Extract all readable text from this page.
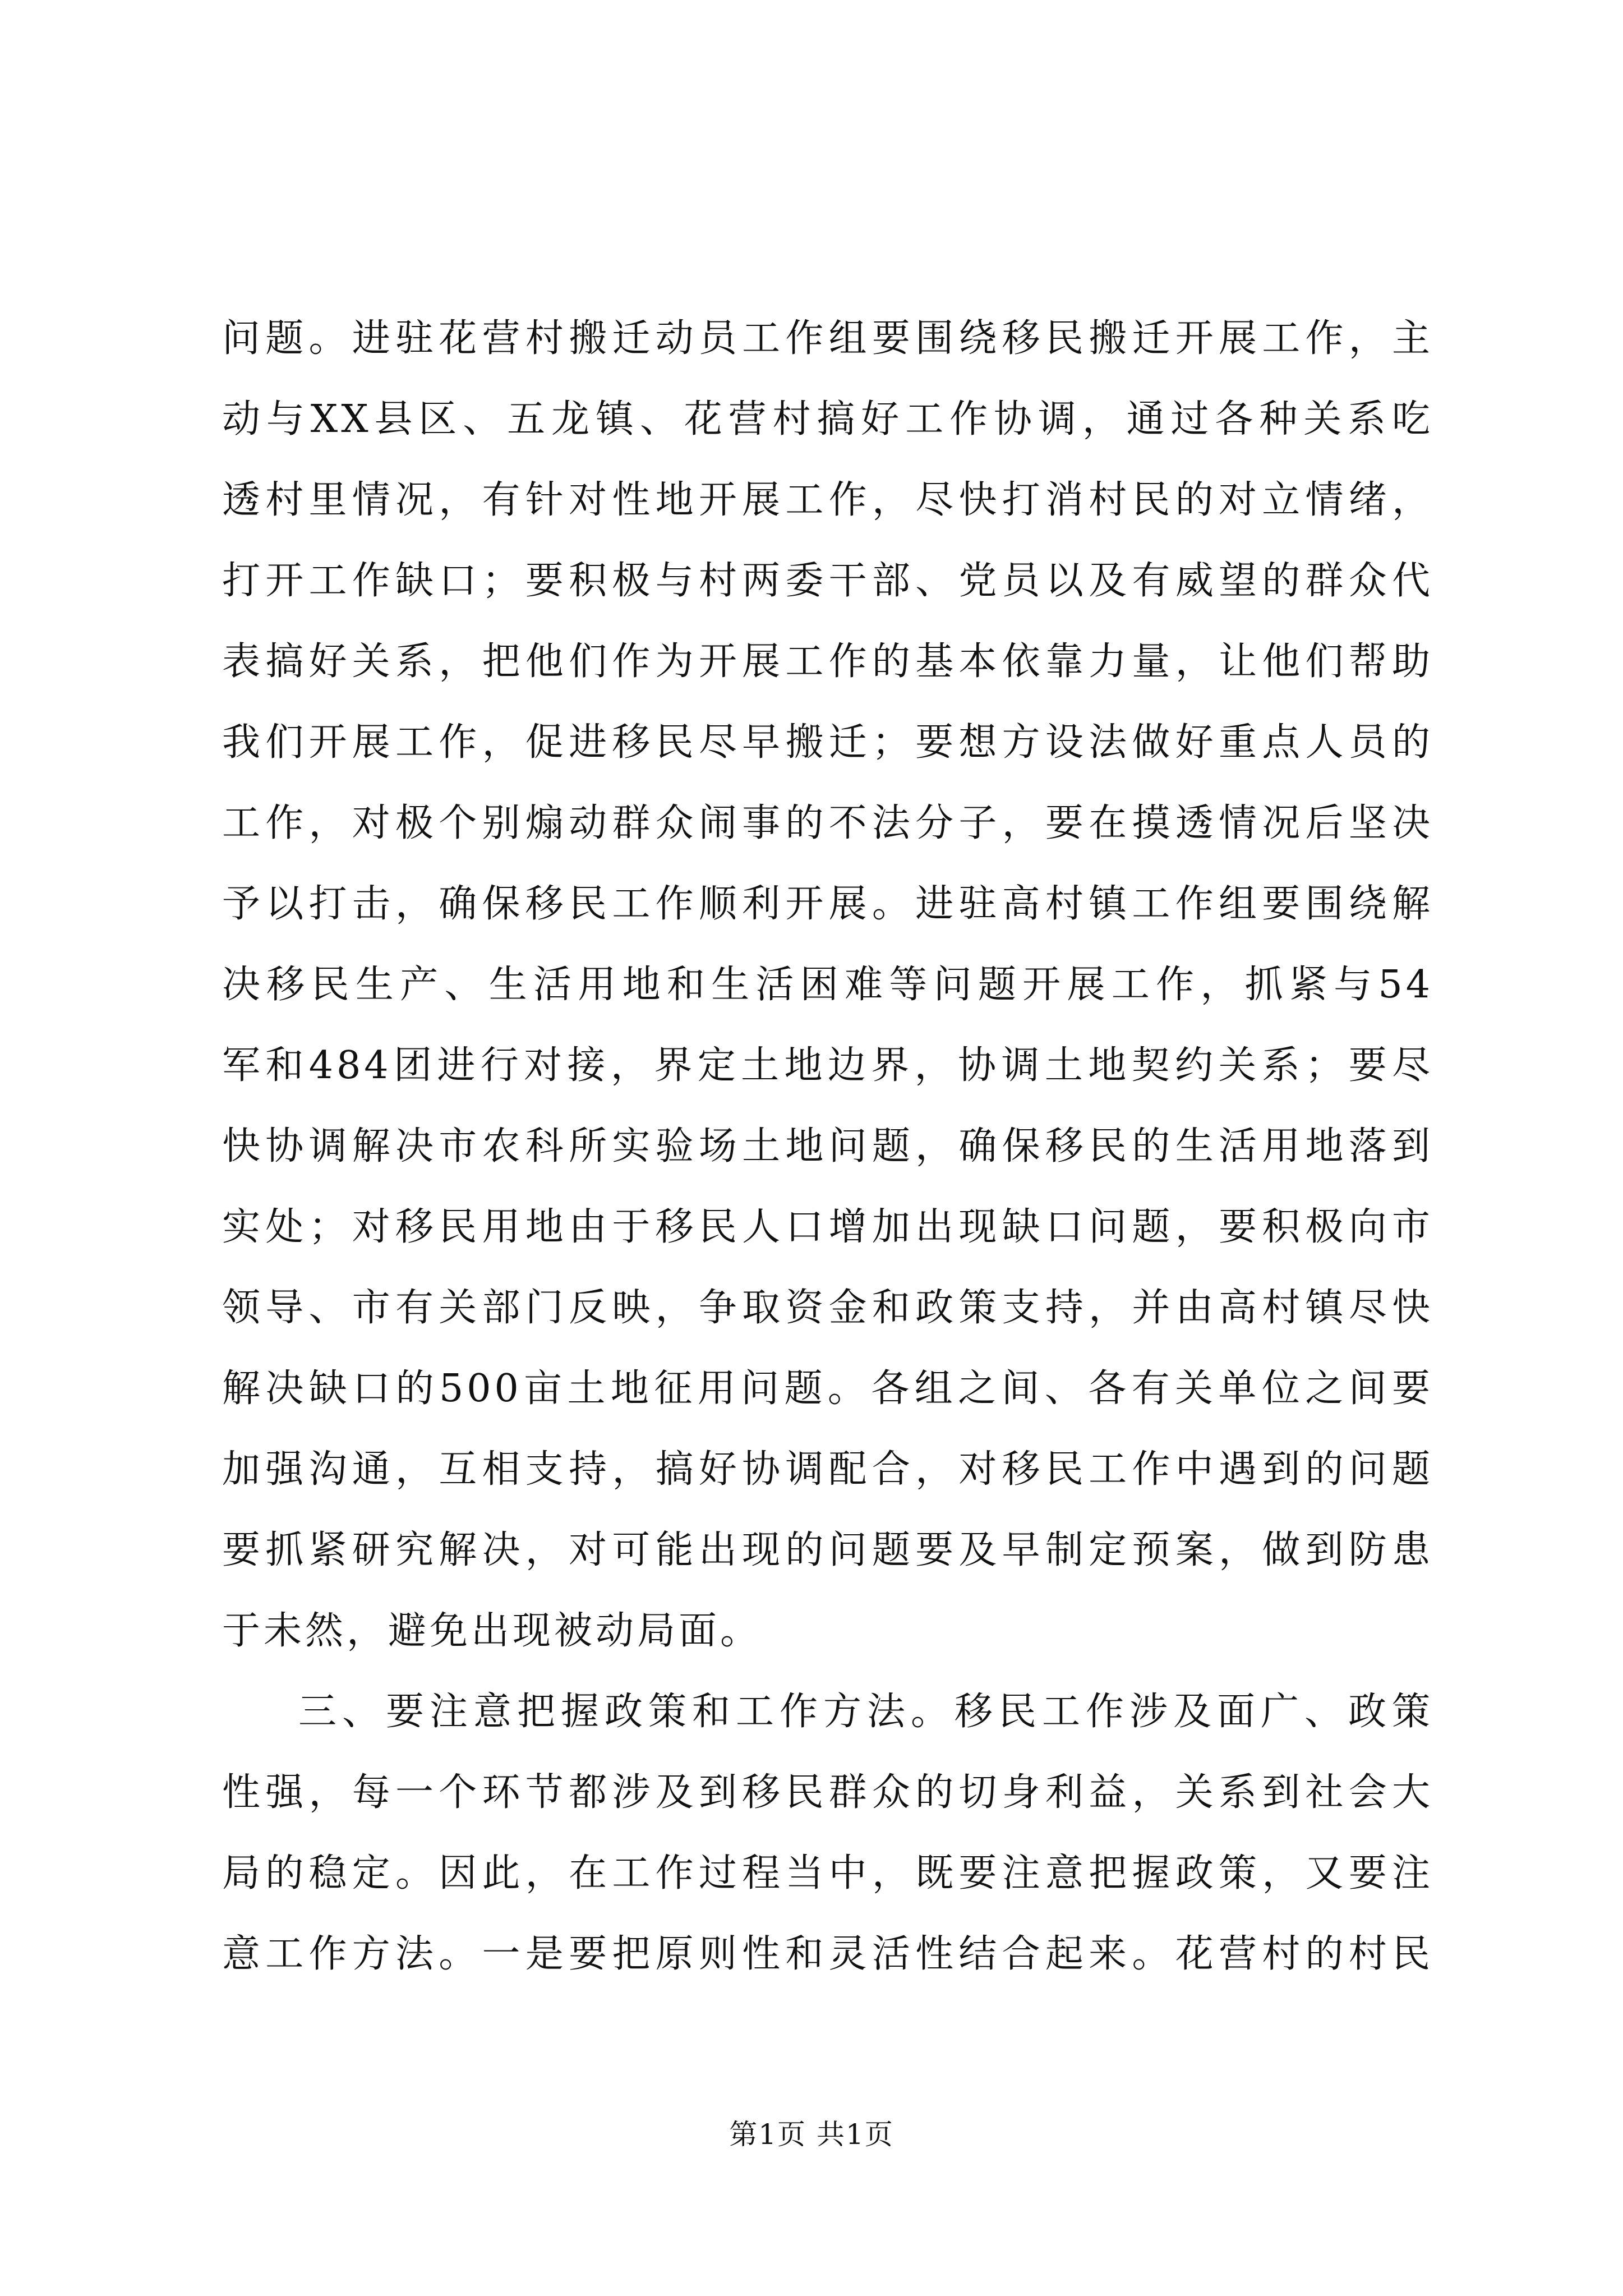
问题。进驻花营村搬迁动员工作组要围绕移民搬迁开展工作，主
动与XX县区、五龙镇、花营村搞好工作协调，通过各种关系吃
透村里情况，有针对性地开展工作，尽快打消村民的对立情绪，
打开工作缺口；要积极与村两委干部、党员以及有威望的群众代
表搞好关系，把他们作为开展工作的基本依靠力量，让他们帮助
我们开展工作，促进移民尽早搬迁；要想方设法做好重点人员的
工作，对极个别煽动群众闹事的不法分子，要在摸透情况后坚决
予以打击，确保移民工作顺利开展。进驻高村镇工作组要围绕解
决移民生产、生活用地和生活困难等问题开展工作，抓紧与54
军和484团进行对接，界定土地边界，协调土地契约关系；要尽
快协调解决市农科所实验场土地问题，确保移民的生活用地落到
实处；对移民用地由于移民人口增加出现缺口问题，要积极向市
领导、市有关部门反映，争取资金和政策支持，并由高村镇尽快
解决缺口的500亩土地征用问题。各组之间、各有关单位之间要
加强沟通，互相支持，搞好协调配合，对移民工作中遇到的问题
要抓紧研究解决，对可能出现的问题要及早制定预案，做到防患
于未然，避免出现被动局面。
三、要注意把握政策和工作方法。移民工作涉及面广、政策
性强，每一个环节都涉及到移民群众的切身利益，关系到社会大
局的稳定。因此，在工作过程当中，既要注意把握政策，又要注
意工作方法。一是要把原则性和灵活性结合起来。花营村的村民
第1页 共1页
